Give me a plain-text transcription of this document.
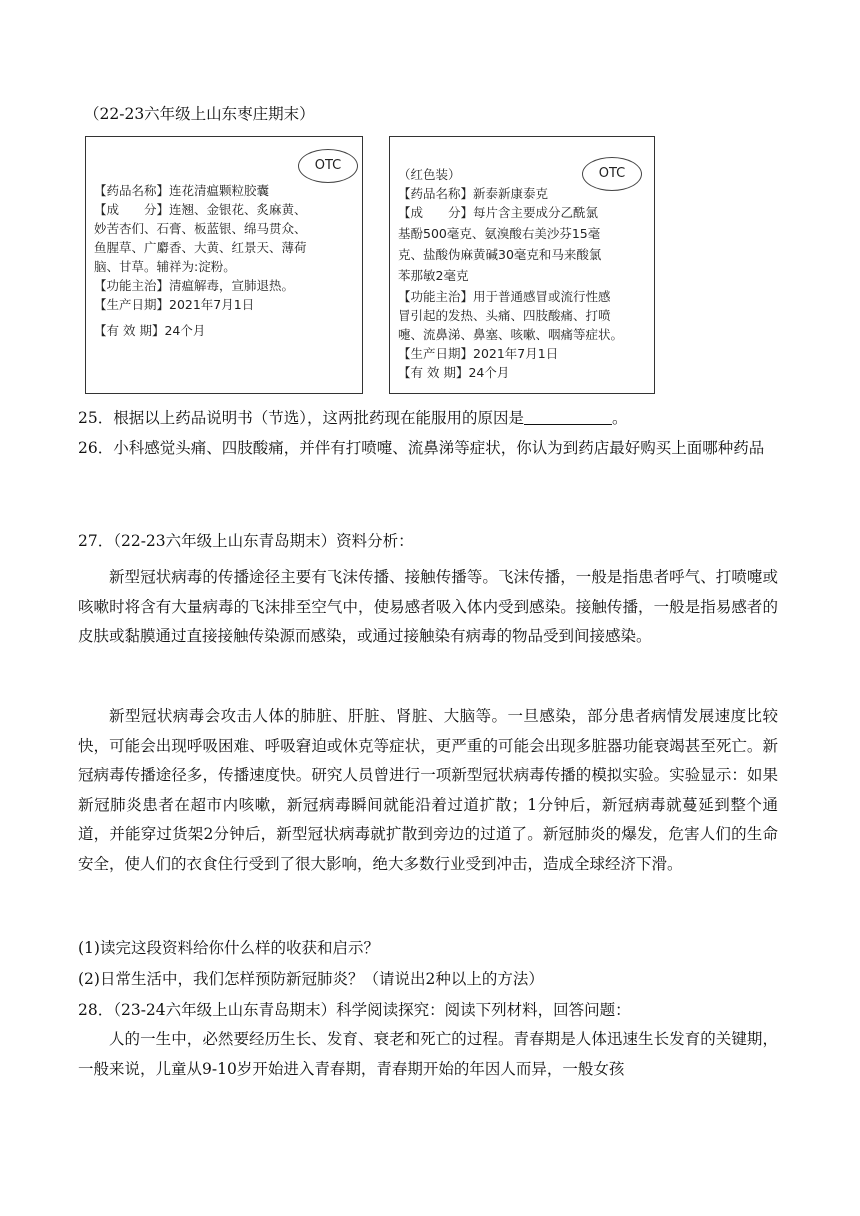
（22-23六年级上山东枣庄期末）
OTC
【药品名称】连花清瘟颗粒胶囊
【成　　分】连翘、金银花、炙麻黄、
妙苦杏们、石膏、板蓝银、绵马贯众、
鱼腥草、广麝香、大黄、红景天、薄荷
脑、甘草。辅祥为:淀粉。
【功能主治】清瘟解毒，宣肺退热。
【生产日期】2021年7月1日
【有 效 期】24个月
OTC
（红色装）
【药品名称】新泰新康泰克
【成　　分】每片含主要成分乙酰氯
基酚500毫克、氨溴酸右美沙芬15毫
克、盐酸伪麻黄碱30毫克和马来酸氯
苯那敏2毫克
【功能主治】用于普通感冒或流行性感
冒引起的发热、头痛、四肢酸痛、打喷
嚏、流鼻涕、鼻塞、咳嗽、咽痛等症状。
【生产日期】2021年7月1日
【有 效 期】24个月
25．根据以上药品说明书（节选），这两批药现在能服用的原因是	。
26．小科感觉头痛、四肢酸痛，并伴有打喷嚏、流鼻涕等症状，你认为到药店最好购买上面哪种药品
27．（22-23六年级上山东青岛期末）资料分析：
新型冠状病毒的传播途径主要有飞沫传播、接触传播等。飞沫传播，一般是指患者呼气、打喷嚏或咳嗽时将含有大量病毒的飞沫排至空气中，使易感者吸入体内受到感染。接触传播，一般是指易感者的皮肤或黏膜通过直接接触传染源而感染，或通过接触染有病毒的物品受到间接感染。
新型冠状病毒会攻击人体的肺脏、肝脏、肾脏、大脑等。一旦感染，部分患者病情发展速度比较快，可能会出现呼吸困难、呼吸窘迫或休克等症状，更严重的可能会出现多脏器功能衰竭甚至死亡。新冠病毒传播途径多，传播速度快。研究人员曾进行一项新型冠状病毒传播的模拟实验。实验显示：如果新冠肺炎患者在超市内咳嗽，新冠病毒瞬间就能沿着过道扩散；1分钟后，新冠病毒就蔓延到整个通道，并能穿过货架2分钟后，新型冠状病毒就扩散到旁边的过道了。新冠肺炎的爆发，危害人们的生命安全，使人们的衣食住行受到了很大影响，绝大多数行业受到冲击，造成全球经济下滑。
(1)读完这段资料给你什么样的收获和启示？
(2)日常生活中，我们怎样预防新冠肺炎？（请说出2种以上的方法）
28．（23-24六年级上山东青岛期末）科学阅读探究：阅读下列材料，回答问题：
人的一生中，必然要经历生长、发育、衰老和死亡的过程。青春期是人体迅速生长发育的关键期，一般来说，儿童从9-10岁开始进入青春期，青春期开始的年因人而异，一般女孩
